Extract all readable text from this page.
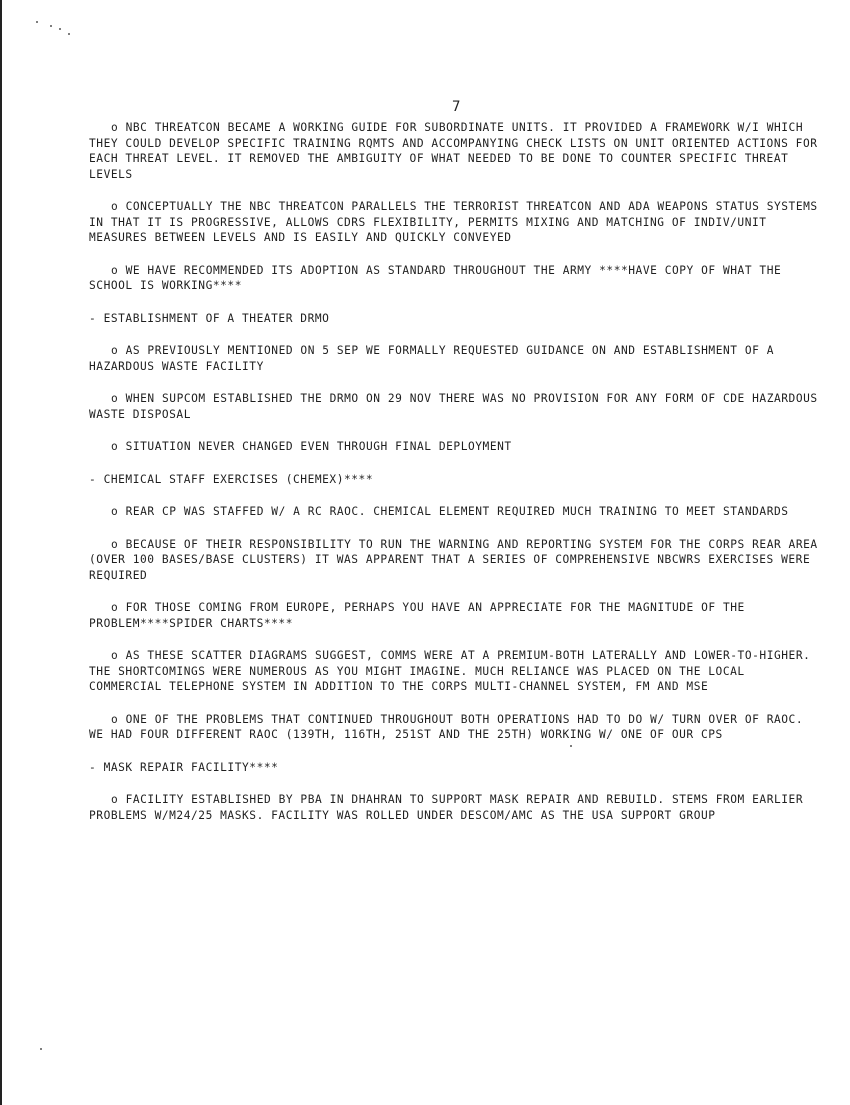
7

o NBC THREATCON BECAME A WORKING GUIDE FOR SUBORDINATE UNITS. IT PROVIDED A FRAMEWORK W/I WHICH THEY COULD DEVELOP SPECIFIC TRAINING RQMTS AND ACCOMPANYING CHECK LISTS ON UNIT ORIENTED ACTIONS FOR EACH THREAT LEVEL. IT REMOVED THE AMBIGUITY OF WHAT NEEDED TO BE DONE TO COUNTER SPECIFIC THREAT LEVELS

o CONCEPTUALLY THE NBC THREATCON PARALLELS THE TERRORIST THREATCON AND ADA WEAPONS STATUS SYSTEMS IN THAT IT IS PROGRESSIVE, ALLOWS CDRS FLEXIBILITY, PERMITS MIXING AND MATCHING OF INDIV/UNIT MEASURES BETWEEN LEVELS AND IS EASILY AND QUICKLY CONVEYED

o WE HAVE RECOMMENDED ITS ADOPTION AS STANDARD THROUGHOUT THE ARMY ****HAVE COPY OF WHAT THE SCHOOL IS WORKING****

- ESTABLISHMENT OF A THEATER DRMO

o AS PREVIOUSLY MENTIONED ON 5 SEP WE FORMALLY REQUESTED GUIDANCE ON AND ESTABLISHMENT OF A HAZARDOUS WASTE FACILITY

o WHEN SUPCOM ESTABLISHED THE DRMO ON 29 NOV THERE WAS NO PROVISION FOR ANY FORM OF CDE HAZARDOUS WASTE DISPOSAL

o SITUATION NEVER CHANGED EVEN THROUGH FINAL DEPLOYMENT

- CHEMICAL STAFF EXERCISES (CHEMEX)****

o REAR CP WAS STAFFED W/ A RC RAOC. CHEMICAL ELEMENT REQUIRED MUCH TRAINING TO MEET STANDARDS

o BECAUSE OF THEIR RESPONSIBILITY TO RUN THE WARNING AND REPORTING SYSTEM FOR THE CORPS REAR AREA (OVER 100 BASES/BASE CLUSTERS) IT WAS APPARENT THAT A SERIES OF COMPREHENSIVE NBCWRS EXERCISES WERE REQUIRED

o FOR THOSE COMING FROM EUROPE, PERHAPS YOU HAVE AN APPRECIATE FOR THE MAGNITUDE OF THE PROBLEM****SPIDER CHARTS****

o AS THESE SCATTER DIAGRAMS SUGGEST, COMMS WERE AT A PREMIUM-BOTH LATERALLY AND LOWER-TO-HIGHER. THE SHORTCOMINGS WERE NUMEROUS AS YOU MIGHT IMAGINE. MUCH RELIANCE WAS PLACED ON THE LOCAL COMMERCIAL TELEPHONE SYSTEM IN ADDITION TO THE CORPS MULTI-CHANNEL SYSTEM, FM AND MSE

o ONE OF THE PROBLEMS THAT CONTINUED THROUGHOUT BOTH OPERATIONS HAD TO DO W/ TURN OVER OF RAOC. WE HAD FOUR DIFFERENT RAOC (139TH, 116TH, 251ST AND THE 25TH) WORKING W/ ONE OF OUR CPS

- MASK REPAIR FACILITY****

o FACILITY ESTABLISHED BY PBA IN DHAHRAN TO SUPPORT MASK REPAIR AND REBUILD. STEMS FROM EARLIER PROBLEMS W/M24/25 MASKS. FACILITY WAS ROLLED UNDER DESCOM/AMC AS THE USA SUPPORT GROUP
